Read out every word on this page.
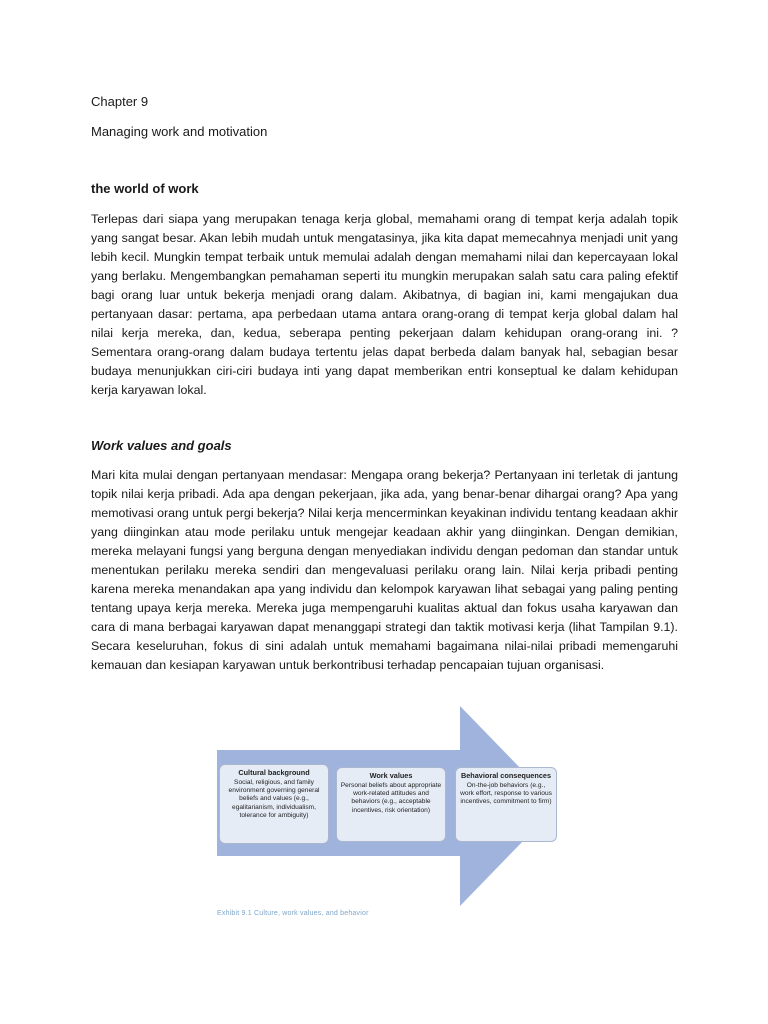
Chapter 9
Managing work and motivation
the world of work
Terlepas dari siapa yang merupakan tenaga kerja global, memahami orang di tempat kerja adalah topik yang sangat besar. Akan lebih mudah untuk mengatasinya, jika kita dapat memecahnya menjadi unit yang lebih kecil. Mungkin tempat terbaik untuk memulai adalah dengan memahami nilai dan kepercayaan lokal yang berlaku. Mengembangkan pemahaman seperti itu mungkin merupakan salah satu cara paling efektif bagi orang luar untuk bekerja menjadi orang dalam. Akibatnya, di bagian ini, kami mengajukan dua pertanyaan dasar: pertama, apa perbedaan utama antara orang-orang di tempat kerja global dalam hal nilai kerja mereka, dan, kedua, seberapa penting pekerjaan dalam kehidupan orang-orang ini. ? Sementara orang-orang dalam budaya tertentu jelas dapat berbeda dalam banyak hal, sebagian besar budaya menunjukkan ciri-ciri budaya inti yang dapat memberikan entri konseptual ke dalam kehidupan kerja karyawan lokal.
Work values and goals
Mari kita mulai dengan pertanyaan mendasar: Mengapa orang bekerja? Pertanyaan ini terletak di jantung topik nilai kerja pribadi. Ada apa dengan pekerjaan, jika ada, yang benar-benar dihargai orang? Apa yang memotivasi orang untuk pergi bekerja? Nilai kerja mencerminkan keyakinan individu tentang keadaan akhir yang diinginkan atau mode perilaku untuk mengejar keadaan akhir yang diinginkan. Dengan demikian, mereka melayani fungsi yang berguna dengan menyediakan individu dengan pedoman dan standar untuk menentukan perilaku mereka sendiri dan mengevaluasi perilaku orang lain. Nilai kerja pribadi penting karena mereka menandakan apa yang individu dan kelompok karyawan lihat sebagai yang paling penting tentang upaya kerja mereka. Mereka juga mempengaruhi kualitas aktual dan fokus usaha karyawan dan cara di mana berbagai karyawan dapat menanggapi strategi dan taktik motivasi kerja (lihat Tampilan 9.1). Secara keseluruhan, fokus di sini adalah untuk memahami bagaimana nilai-nilai pribadi memengaruhi kemauan dan kesiapan karyawan untuk berkontribusi terhadap pencapaian tujuan organisasi.
Cultural background
Social, religious, and family environment governing general beliefs and values (e.g., egalitarianism, individualism, tolerance for ambiguity)
Work values
Personal beliefs about appropriate work-related attitudes and behaviors (e.g., acceptable incentives, risk orientation)
Behavioral consequences
On-the-job behaviors (e.g., work effort, response to various incentives, commitment to firm)
Exhibit 9.1 Culture, work values, and behavior
